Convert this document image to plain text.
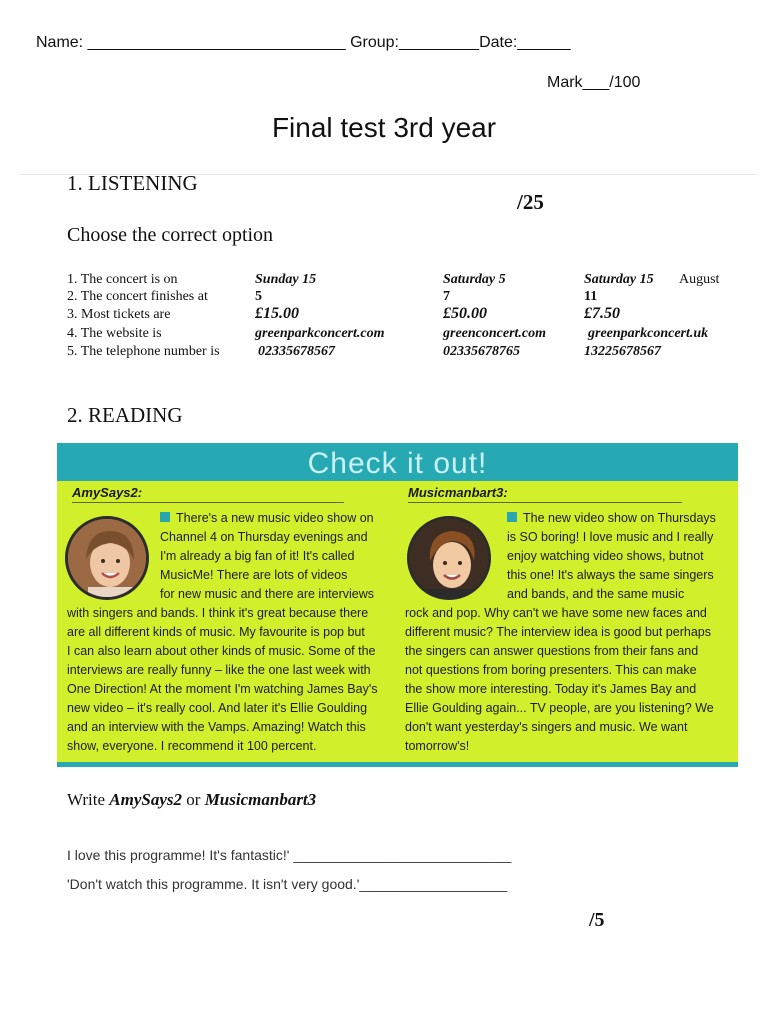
Name: _____________________________ Group:_________Date:______
Mark___/100
Final test 3rd year
1. LISTENING
/25
Choose the correct option
1. The concert is on	Sunday 15	Saturday 5	Saturday 15 August
2. The concert finishes at	5	7	11
3. Most tickets are	£15.00	£50.00	£7.50
4. The website is	greenparkconcert.com	greenconcert.com	greenparkconcert.uk
5. The telephone number is	02335678567	02335678765	13225678567
2. READING
Check it out!
AmySays2:
There's a new music video show on
Channel 4 on Thursday evenings and
I'm already a big fan of it! It's called
MusicMe! There are lots of videos
for new music and there are interviews
with singers and bands. I think it's great because there
are all different kinds of music. My favourite is pop but
I can also learn about other kinds of music. Some of the
interviews are really funny – like the one last week with
One Direction! At the moment I'm watching James Bay's
new video – it's really cool. And later it's Ellie Goulding
and an interview with the Vamps. Amazing! Watch this
show, everyone. I recommend it 100 percent.
Musicmanbart3:
The new video show on Thursdays
is SO boring! I love music and I really
enjoy watching video shows, butnot
this one! It's always the same singers
and bands, and the same music
rock and pop. Why can't we have some new faces and
different music? The interview idea is good but perhaps
the singers can answer questions from their fans and
not questions from boring presenters. This can make
the show more interesting. Today it's James Bay and
Ellie Goulding again... TV people, are you listening? We
don't want yesterday's singers and music. We want
tomorrow's!
Write AmySays2 or Musicmanbart3
I love this programme! It's fantastic!' ____________________________
'Don't watch this programme. It isn't very good.'___________________
/5
